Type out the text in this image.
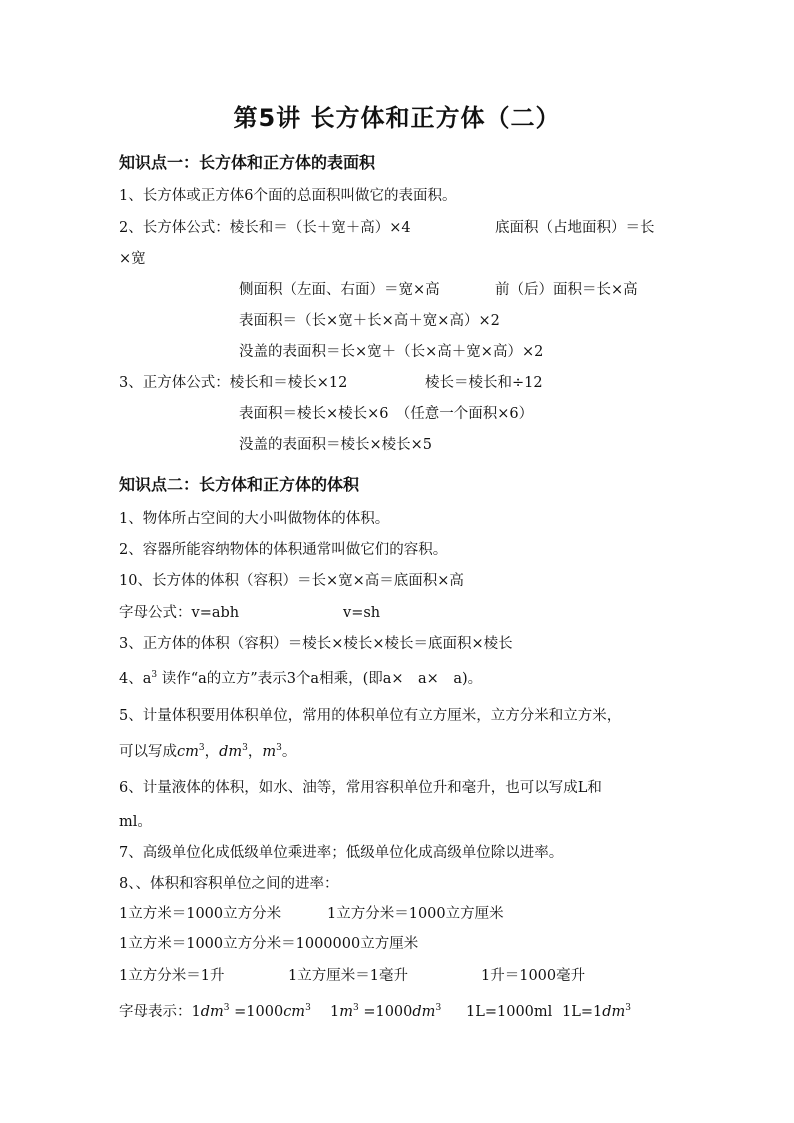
第5讲 长方体和正方体（二）
知识点一：长方体和正方体的表面积
1、长方体或正方体6个面的总面积叫做它的表面积。
2、长方体公式：棱长和＝（长＋宽＋高）×4	底面积（占地面积）＝长
×宽
侧面积（左面、右面）＝宽×高	前（后）面积＝长×高
表面积＝（长×宽＋长×高＋宽×高）×2
没盖的表面积＝长×宽＋（长×高＋宽×高）×2
3、正方体公式：棱长和＝棱长×12	棱长＝棱长和÷12
表面积＝棱长×棱长×6　（任意一个面积×6）
没盖的表面积＝棱长×棱长×5
知识点二：长方体和正方体的体积
1、物体所占空间的大小叫做物体的体积。
2、容器所能容纳物体的体积通常叫做它们的容积。
10、长方体的体积（容积）＝长×宽×高＝底面积×高
字母公式：v=abh	v=sh
3、正方体的体积（容积）＝棱长×棱长×棱长＝底面积×棱长
4、$a^3$ 读作“a的立方”表示3个a相乘，(即a×　a×　a)。
5、计量体积要用体积单位，常用的体积单位有立方厘米，立方分米和立方米，
可以写成$cm^3$，$dm^3$，$m^3$。
6、计量液体的体积，如水、油等，常用容积单位升和毫升，也可以写成L和
ml。
7、高级单位化成低级单位乘进率；低级单位化成高级单位除以进率。
8、、体积和容积单位之间的进率：
1立方米＝1000立方分米	1立方分米＝1000立方厘米
1立方米＝1000立方分米＝1000000立方厘米
1立方分米＝1升	1立方厘米＝1毫升	1升＝1000毫升
字母表示：$1dm^3 =1000cm^3$ $1m^3 =1000dm^3$ 1L=1000ml $1L=1dm^3$
